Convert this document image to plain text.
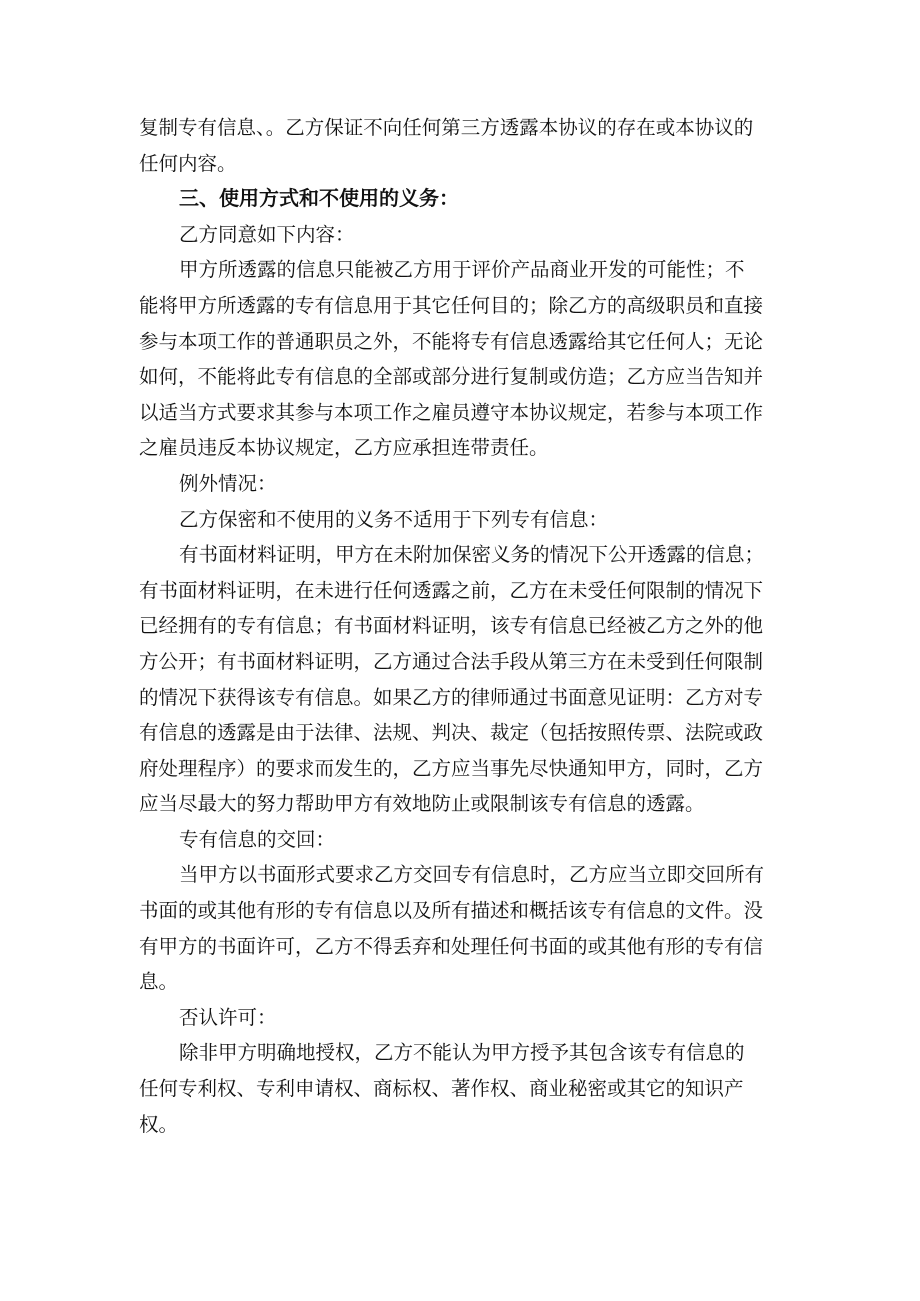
复制专有信息、。乙方保证不向任何第三方透露本协议的存在或本协议的
任何内容。
三、使用方式和不使用的义务：
乙方同意如下内容：
甲方所透露的信息只能被乙方用于评价产品商业开发的可能性；不
能将甲方所透露的专有信息用于其它任何目的；除乙方的高级职员和直接
参与本项工作的普通职员之外，不能将专有信息透露给其它任何人；无论
如何，不能将此专有信息的全部或部分进行复制或仿造；乙方应当告知并
以适当方式要求其参与本项工作之雇员遵守本协议规定，若参与本项工作
之雇员违反本协议规定，乙方应承担连带责任。
例外情况：
乙方保密和不使用的义务不适用于下列专有信息：
有书面材料证明，甲方在未附加保密义务的情况下公开透露的信息；
有书面材料证明，在未进行任何透露之前，乙方在未受任何限制的情况下
已经拥有的专有信息；有书面材料证明，该专有信息已经被乙方之外的他
方公开；有书面材料证明，乙方通过合法手段从第三方在未受到任何限制
的情况下获得该专有信息。如果乙方的律师通过书面意见证明：乙方对专
有信息的透露是由于法律、法规、判决、裁定（包括按照传票、法院或政
府处理程序）的要求而发生的，乙方应当事先尽快通知甲方，同时，乙方
应当尽最大的努力帮助甲方有效地防止或限制该专有信息的透露。
专有信息的交回：
当甲方以书面形式要求乙方交回专有信息时，乙方应当立即交回所有
书面的或其他有形的专有信息以及所有描述和概括该专有信息的文件。没
有甲方的书面许可，乙方不得丢弃和处理任何书面的或其他有形的专有信
息。
否认许可：
除非甲方明确地授权，乙方不能认为甲方授予其包含该专有信息的
任何专利权、专利申请权、商标权、著作权、商业秘密或其它的知识产
权。
